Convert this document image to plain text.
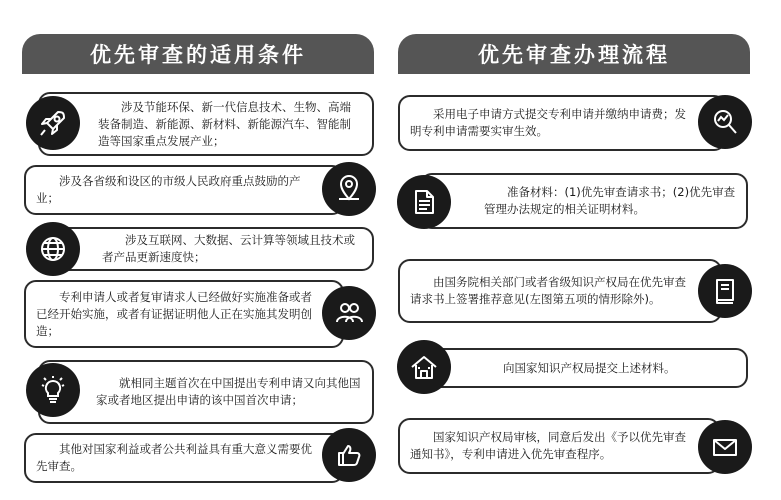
优先审查的适用条件	优先审查办理流程
涉及节能环保、新一代信息技术、生物、高端装备制造、新能源、新材料、新能源汽车、智能制造等国家重点发展产业；
涉及各省级和设区的市级人民政府重点鼓励的产业；
涉及互联网、大数据、云计算等领域且技术或者产品更新速度快；
专利申请人或者复审请求人已经做好实施准备或者已经开始实施，或者有证据证明他人正在实施其发明创造；
就相同主题首次在中国提出专利申请又向其他国家或者地区提出申请的该中国首次申请；
其他对国家利益或者公共利益具有重大意义需要优先审查。
采用电子申请方式提交专利申请并缴纳申请费；发明专利申请需要实审生效。
准备材料：(1)优先审查请求书；(2)优先审查管理办法规定的相关证明材料。
由国务院相关部门或者省级知识产权局在优先审查请求书上签署推荐意见(左图第五项的情形除外)。
向国家知识产权局提交上述材料。
国家知识产权局审核，同意后发出《予以优先审查通知书》，专利申请进入优先审查程序。
